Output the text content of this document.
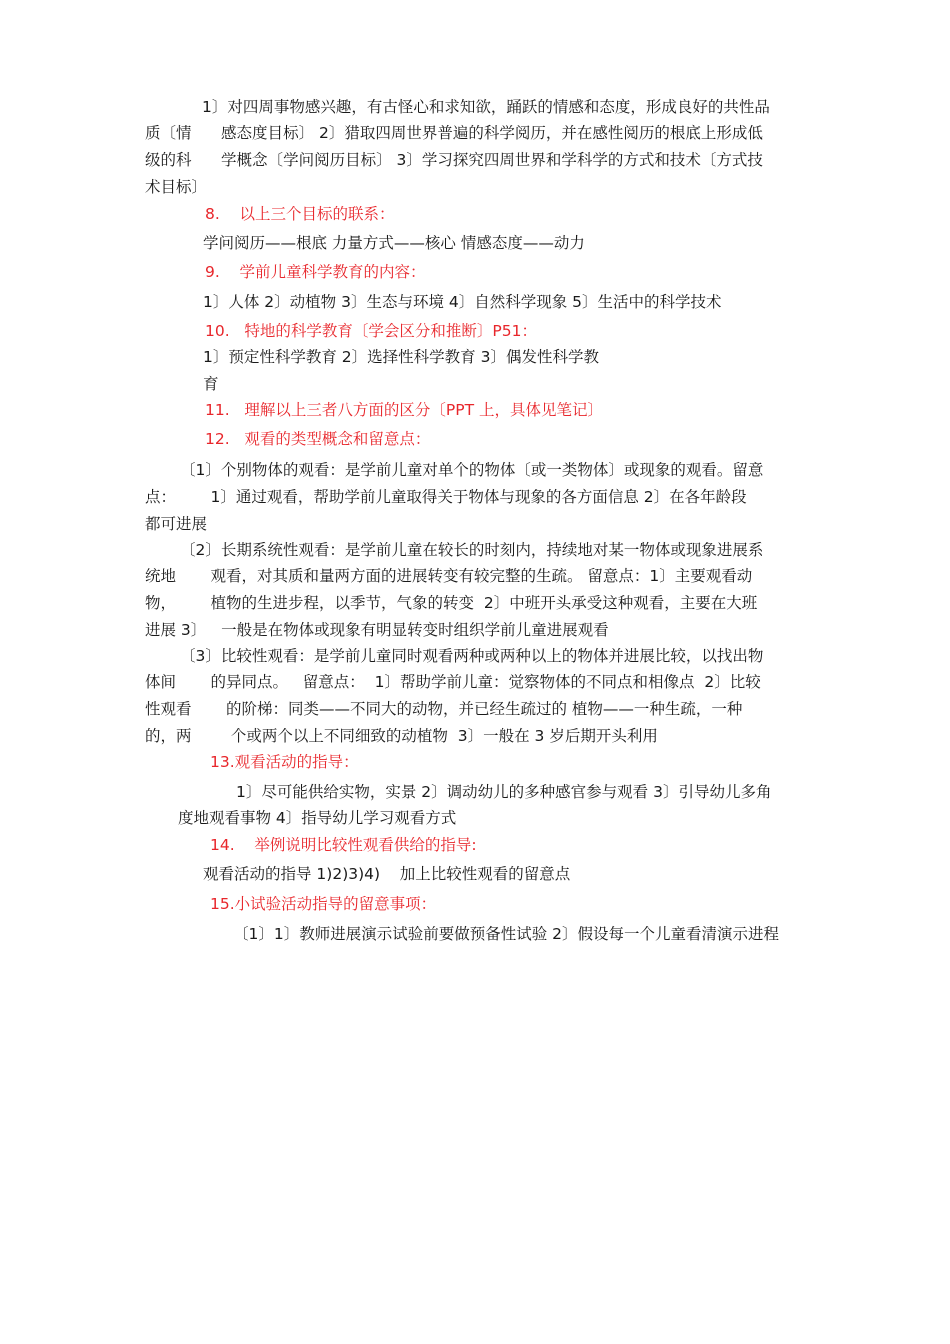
1〕对四周事物感兴趣，有古怪心和求知欲，踊跃的情感和态度，形成良好的共性品
质〔情      感态度目标〕 2〕猎取四周世界普遍的科学阅历，并在感性阅历的根底上形成低
级的科      学概念〔学问阅历目标〕 3〕学习探究四周世界和学科学的方式和技术〔方式技
术目标〕
8.    以上三个目标的联系：
学问阅历——根底 力量方式——核心 情感态度——动力
9.    学前儿童科学教育的内容：
1〕人体 2〕动植物 3〕生态与环境 4〕自然科学现象 5〕生活中的科学技术
10.   特地的科学教育〔学会区分和推断〕P51：
1〕预定性科学教育 2〕选择性科学教育 3〕偶发性科学教
育
11.   理解以上三者八方面的区分〔PPT 上，具体见笔记〕
12.   观看的类型概念和留意点：
〔1〕个别物体的观看：是学前儿童对单个的物体〔或一类物体〕或现象的观看。留意
点：       1〕通过观看，帮助学前儿童取得关于物体与现象的各方面信息 2〕在各年龄段
都可进展
〔2〕长期系统性观看：是学前儿童在较长的时刻内，持续地对某一物体或现象进展系
统地       观看，对其质和量两方面的进展转变有较完整的生疏。 留意点：1〕主要观看动
物，       植物的生进步程，以季节，气象的转变  2〕中班开头承受这种观看，主要在大班
进展 3〕   一般是在物体或现象有明显转变时组织学前儿童进展观看
〔3〕比较性观看：是学前儿童同时观看两种或两种以上的物体并进展比较，以找出物
体间       的异同点。   留意点：  1〕帮助学前儿童：觉察物体的不同点和相像点  2〕比较
性观看       的阶梯：同类——不同大的动物，并已经生疏过的 植物——一种生疏，一种
的，两        个或两个以上不同细致的动植物  3〕一般在 3 岁后期开头利用
13.观看活动的指导：
1〕尽可能供给实物，实景 2〕调动幼儿的多种感官参与观看 3〕引导幼儿多角
度地观看事物 4〕指导幼儿学习观看方式
14.    举例说明比较性观看供给的指导:
观看活动的指导 1)2)3)4)    加上比较性观看的留意点
15.小试验活动指导的留意事项：
〔1〕1〕教师进展演示试验前要做预备性试验 2〕假设每一个儿童看清演示进程
